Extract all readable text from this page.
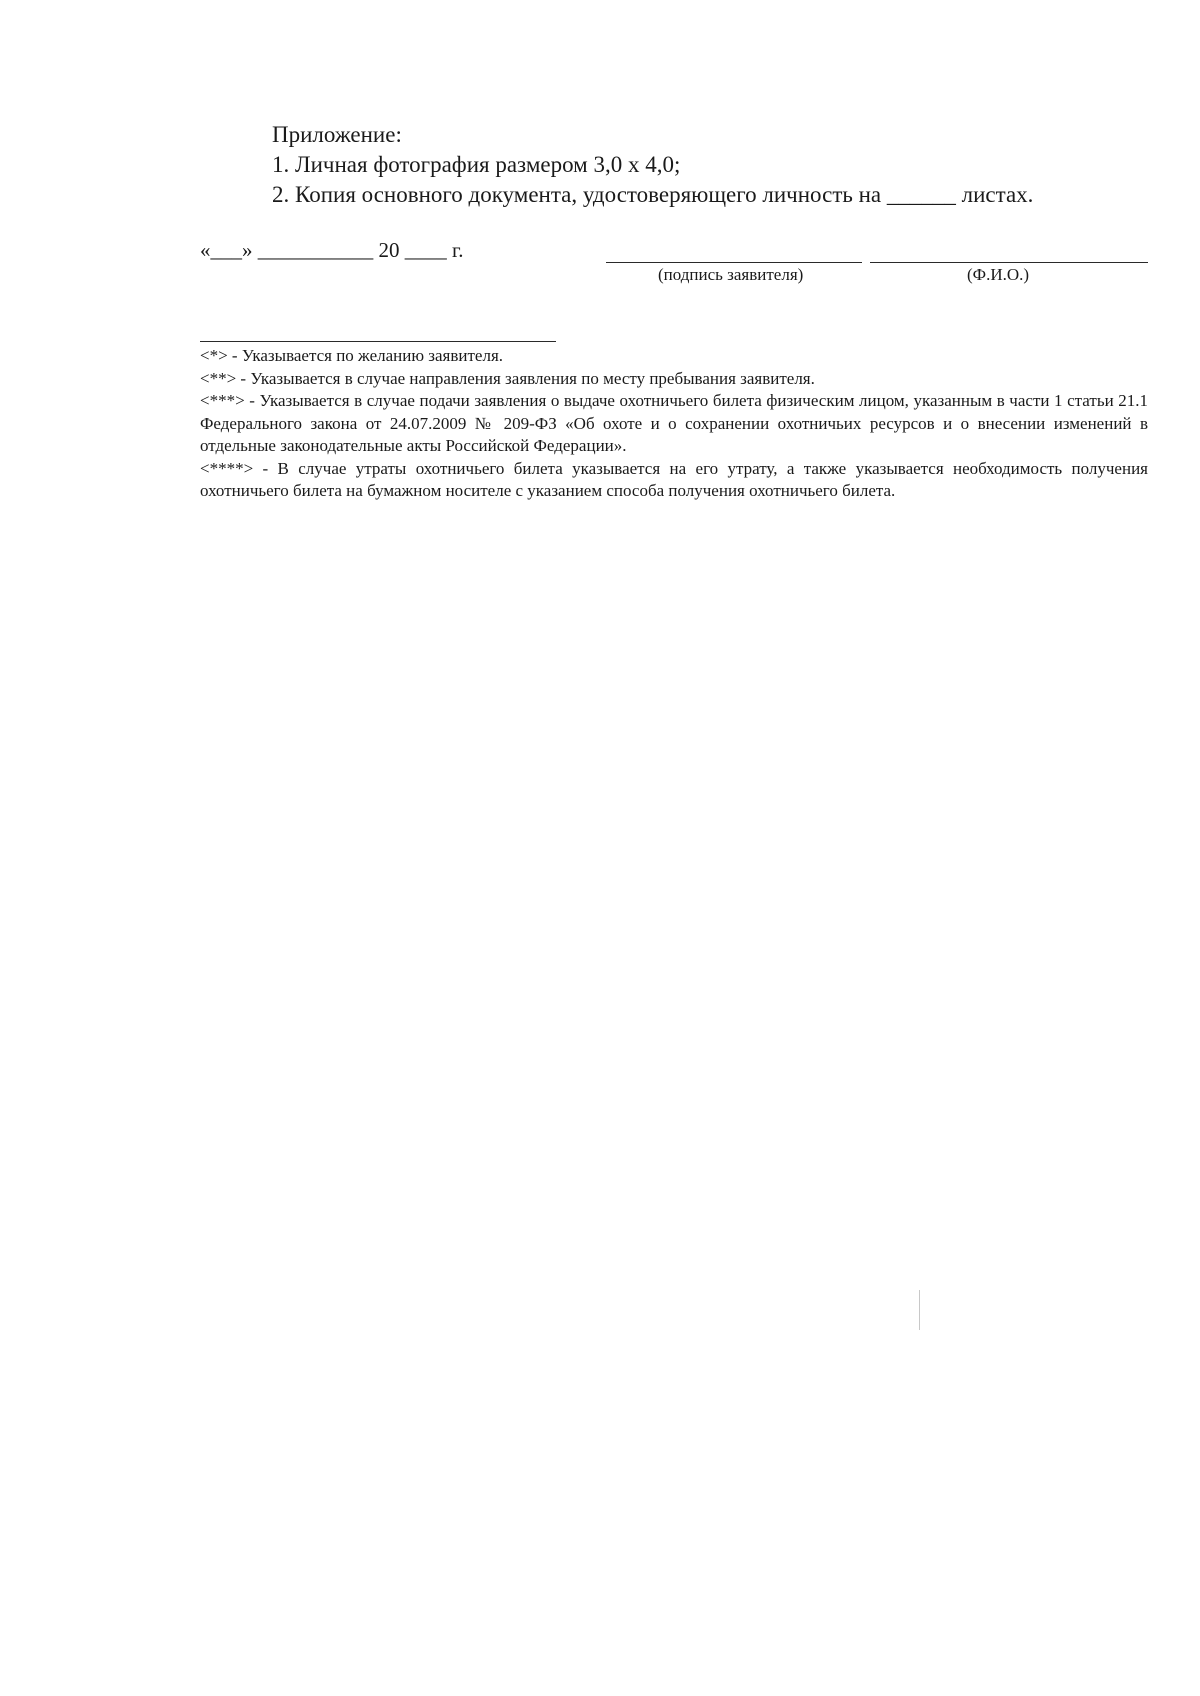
Приложение:
1. Личная фотография размером 3,0 х 4,0;
2. Копия основного документа, удостоверяющего личность на ______ листах.
«___» ___________ 20 ____ г.
(подпись заявителя)	(Ф.И.О.)

<*> - Указывается по желанию заявителя.

<**> - Указывается в случае направления заявления по месту пребывания заявителя.

<***> - Указывается в случае подачи заявления о выдаче охотничьего билета физическим лицом, указанным в части 1 статьи 21.1 Федерального закона от 24.07.2009 № 209-ФЗ «Об охоте и о сохранении охотничьих ресурсов и о внесении изменений в отдельные законодательные акты Российской Федерации».

<****> - В случае утраты охотничьего билета указывается на его утрату, а также указывается необходимость получения охотничьего билета на бумажном носителе с указанием способа получения охотничьего билета.
